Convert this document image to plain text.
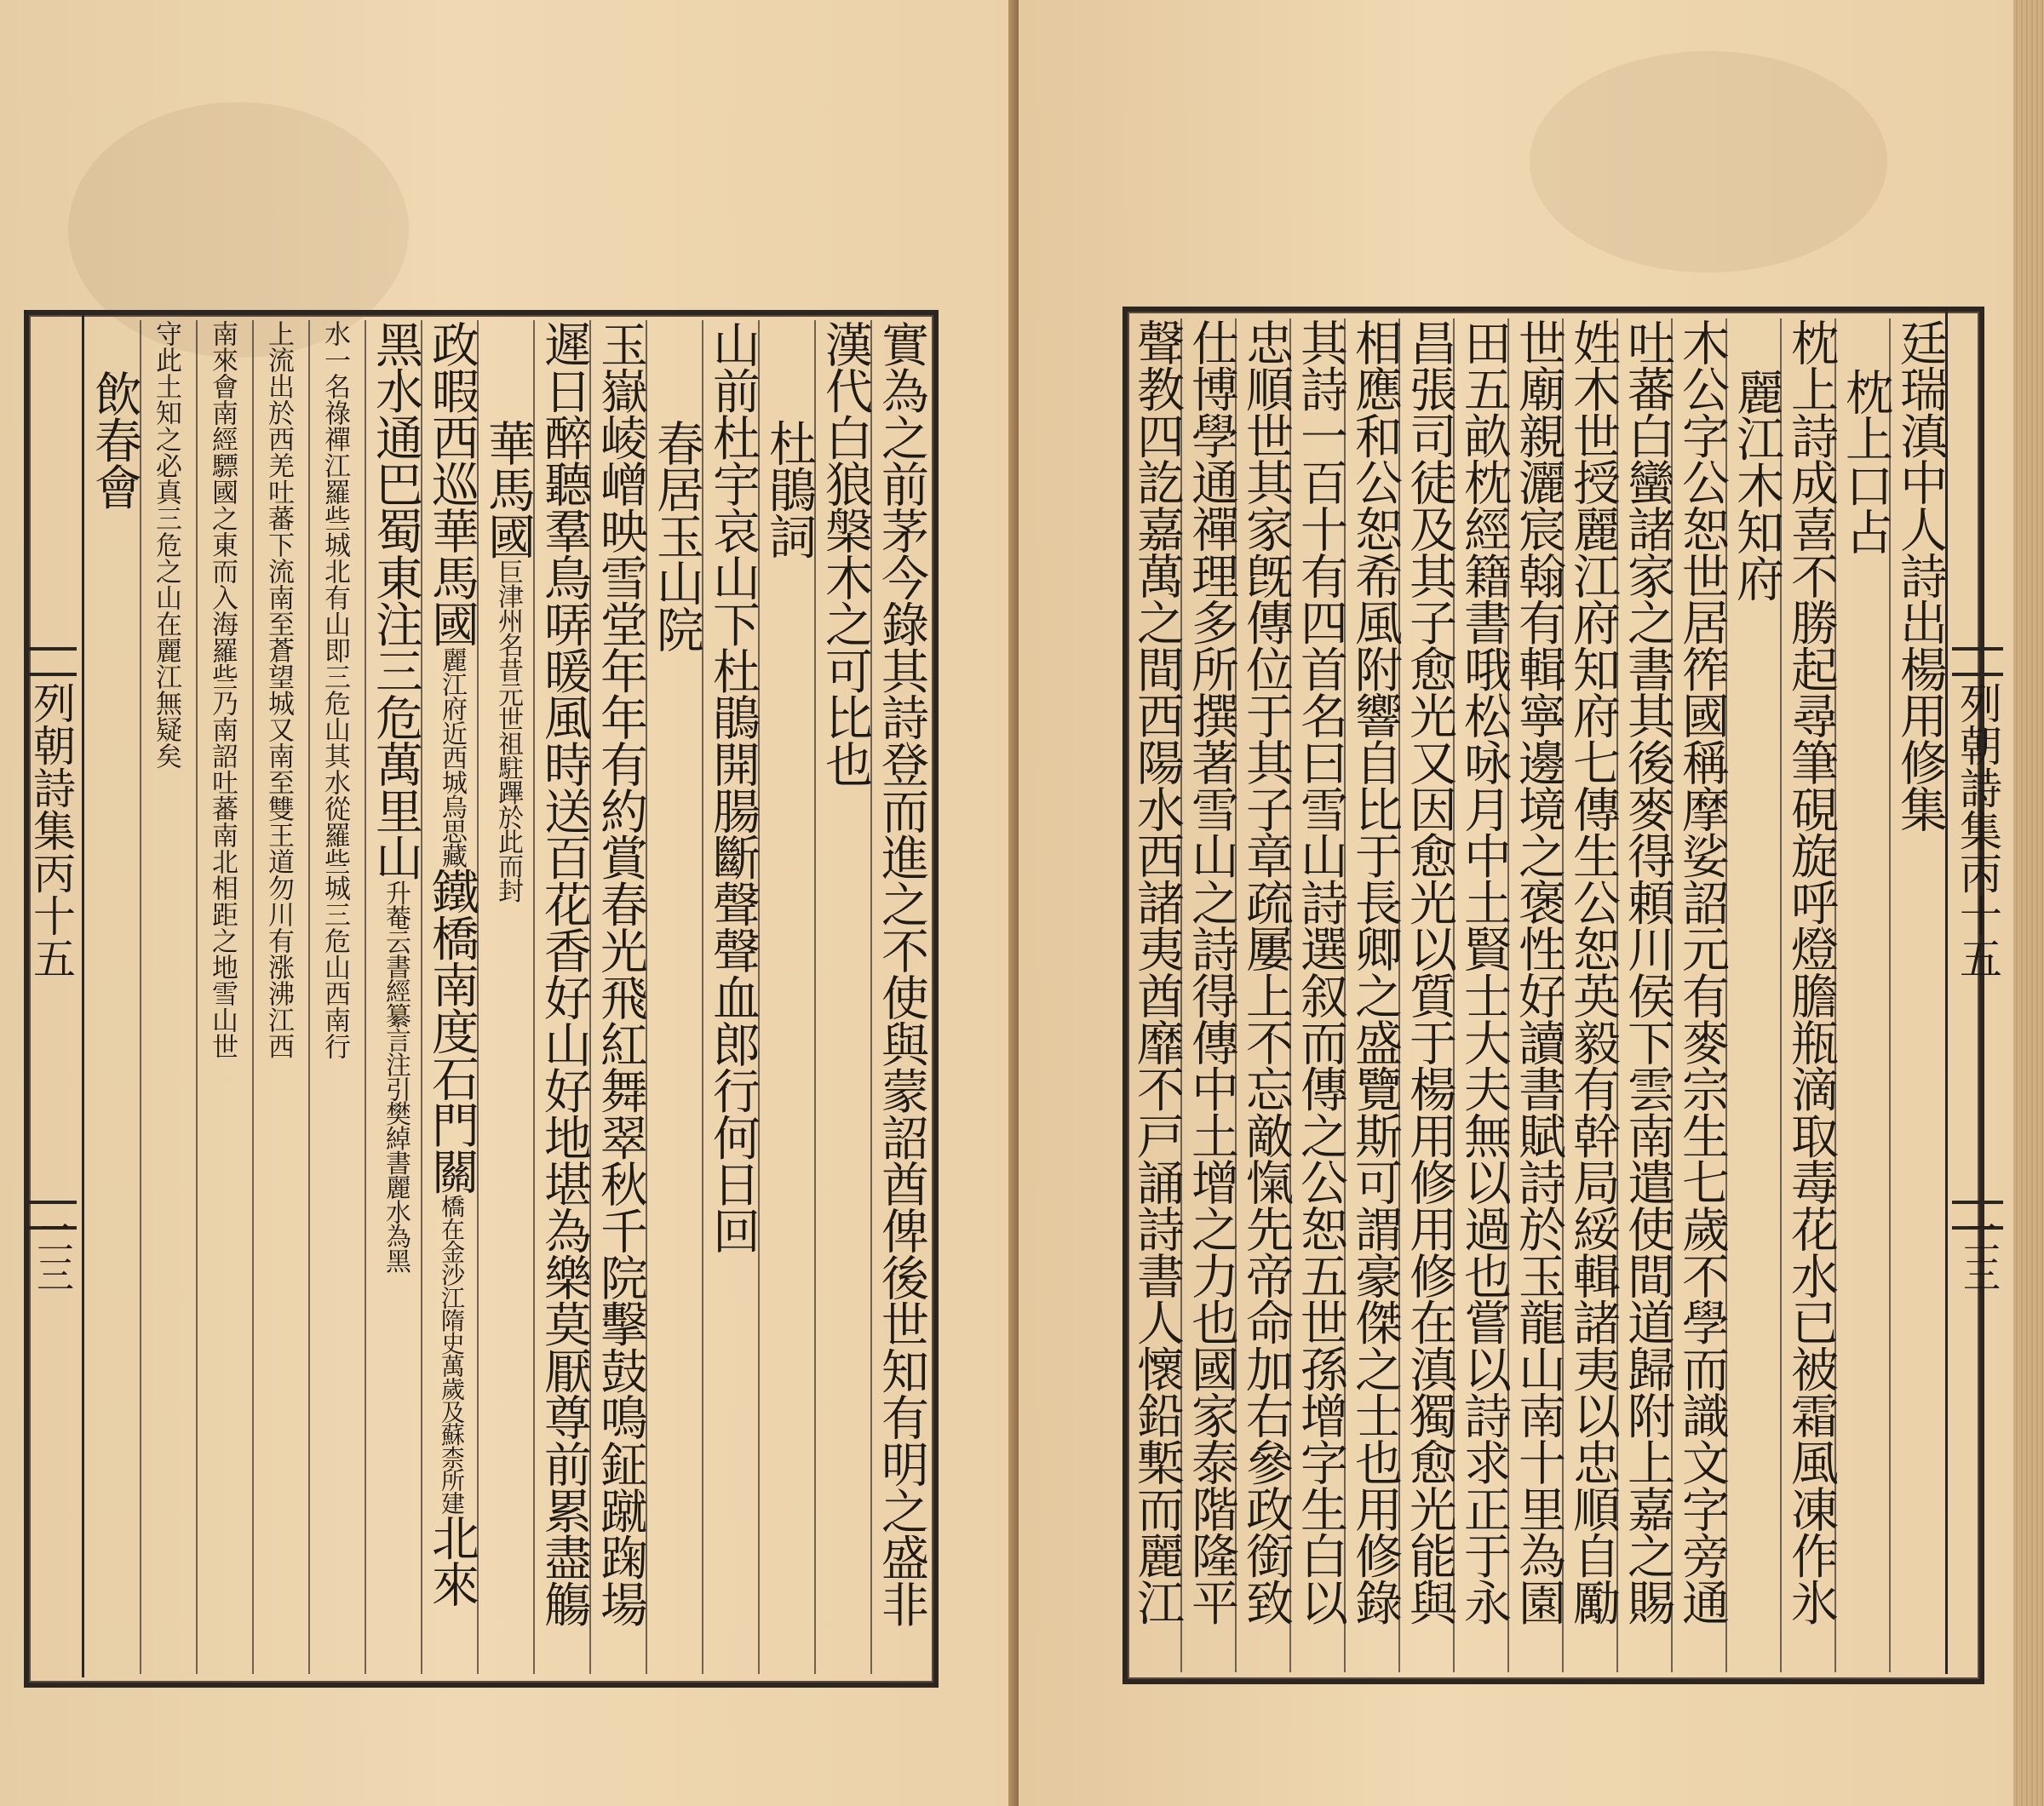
列朝詩集丙十五
二三	實為之前茅今錄其詩登而進之不使與蒙詔酋俾後世知有明之盛非
漢代白狼槃木之可比也
杜鵑詞
山前杜宇哀山下杜鵑開腸斷聲聲血郎行何日回
春居玉山院
玉嶽崚嶒映雪堂年年有約賞春光飛紅舞翠秋千院擊鼓鳴鉦蹴踘場
遲日醉聽羣鳥哢暖風時送百花香好山好地堪為樂莫厭尊前累盡觴
華馬國巨津州名昔元世祖駐蹕於此而封
政暇西巡華馬國麗江府近西城烏思藏鐵橋南度石門關橋在金沙江隋史萬歲及蘇柰所建北來
黑水通巴蜀東注三危萬里山升菴云書經纂言注引樊綽書麗水為黑
水一名祿禪江羅些城北有山即三危山其水從羅些城三危山西南行
上流出於西羌吐蕃下流南至蒼望城又南至雙王道勿川有涨沸江西
南來會南經驃國之東而入海羅些乃南詔吐蕃南北相距之地雪山世
守此土知之必真三危之山在麗江無疑矣
飲春會
列朝詩集丙十五
二三
廷瑞滇中人詩出楊用修集
枕上口占
枕上詩成喜不勝起尋筆硯旋呼燈膽瓶滴取毒花水已被霜風凍作氷
麗江木知府
木公字公恕世居筰國稱摩娑詔元有麥宗生七歲不學而識文字旁通
吐蕃白蠻諸家之書其後麥得頼川侯下雲南遣使間道歸附上嘉之賜
姓木世授麗江府知府七傳生公恕英毅有幹局綏輯諸夷以忠順自勵
世廟親灑宸翰有輯寧邊境之褒性好讀書賦詩於玉龍山南十里為園
田五畝枕經籍書哦松咏月中土賢士大夫無以過也嘗以詩求正于永
昌張司徒及其子愈光又因愈光以質于楊用修用修在滇獨愈光能與
相應和公恕希風附響自比于長卿之盛覽斯可謂豪傑之士也用修錄
其詩一百十有四首名曰雪山詩選叙而傳之公恕五世孫增字生白以
忠順世其家旣傳位于其子章疏屢上不忘敵愾先帝命加右參政銜致
仕博學通禪理多所撰著雪山之詩得傳中土增之力也國家泰階隆平
聲教四訖嘉萬之間西陽水西諸夷酋靡不戸誦詩書人懷鉛槧而麗江
